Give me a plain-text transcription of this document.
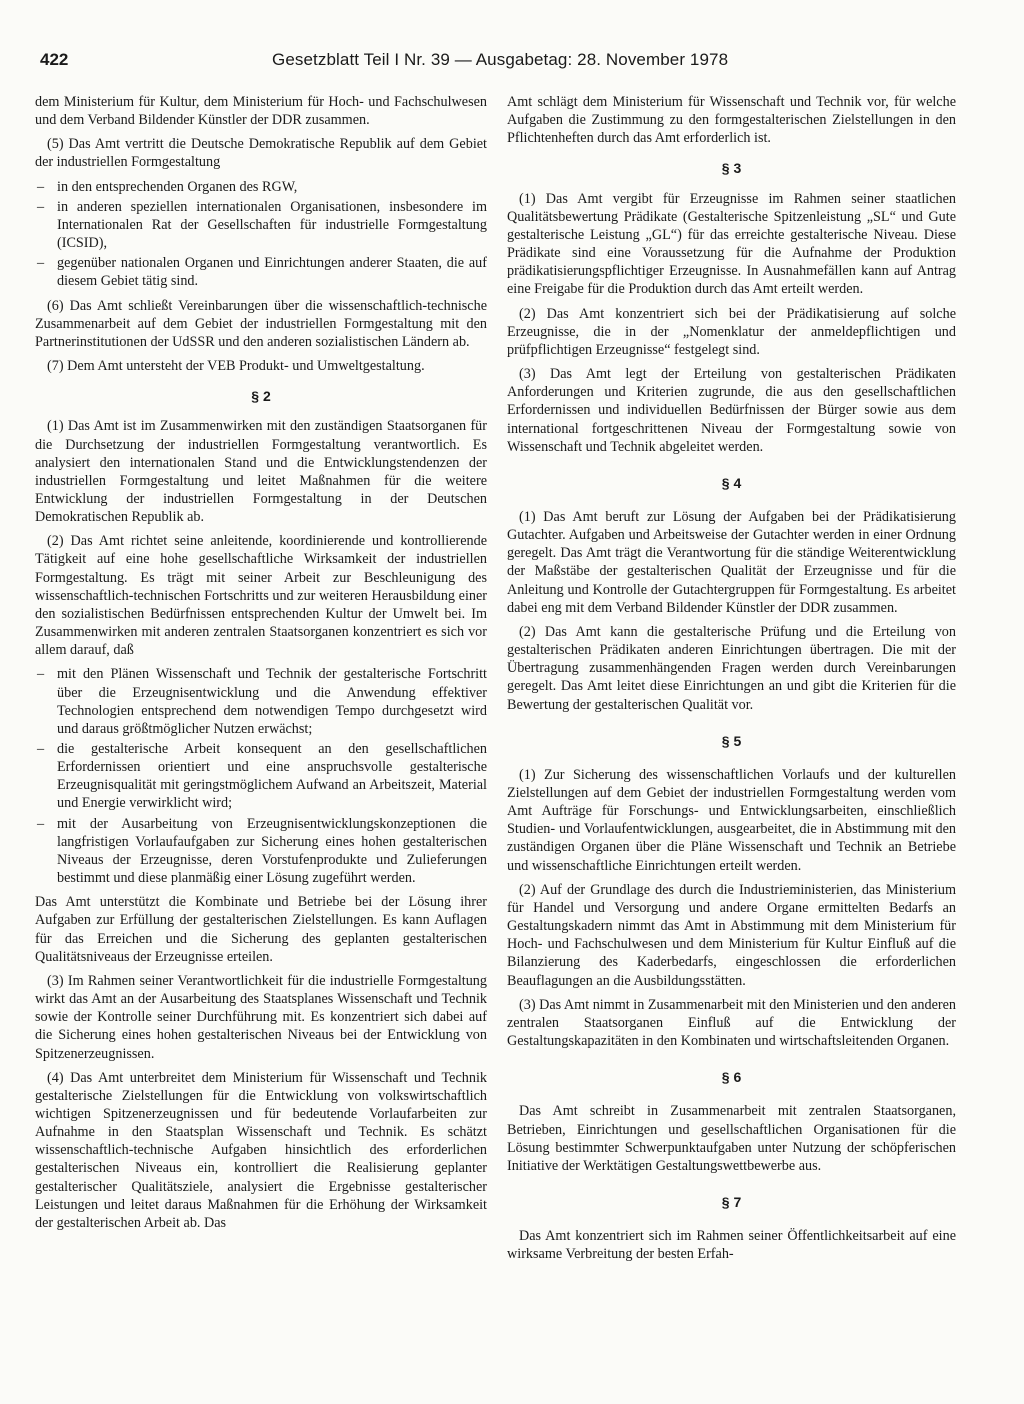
422	Gesetzblatt Teil I Nr. 39 — Ausgabetag: 28. November 1978

dem Ministerium für Kultur, dem Ministerium für Hoch- und Fachschulwesen und dem Verband Bildender Künstler der DDR zusammen.

(5) Das Amt vertritt die Deutsche Demokratische Republik auf dem Gebiet der industriellen Formgestaltung

– in den entsprechenden Organen des RGW,
– in anderen speziellen internationalen Organisationen, insbesondere im Internationalen Rat der Gesellschaften für industrielle Formgestaltung (ICSID),
– gegenüber nationalen Organen und Einrichtungen anderer Staaten, die auf diesem Gebiet tätig sind.

(6) Das Amt schließt Vereinbarungen über die wissenschaftlich-technische Zusammenarbeit auf dem Gebiet der industriellen Formgestaltung mit den Partnerinstitutionen der UdSSR und den anderen sozialistischen Ländern ab.

(7) Dem Amt untersteht der VEB Produkt- und Umweltgestaltung.

§ 2

(1) Das Amt ist im Zusammenwirken mit den zuständigen Staatsorganen für die Durchsetzung der industriellen Formgestaltung verantwortlich. Es analysiert den internationalen Stand und die Entwicklungstendenzen der industriellen Formgestaltung und leitet Maßnahmen für die weitere Entwicklung der industriellen Formgestaltung in der Deutschen Demokratischen Republik ab.

(2) Das Amt richtet seine anleitende, koordinierende und kontrollierende Tätigkeit auf eine hohe gesellschaftliche Wirksamkeit der industriellen Formgestaltung. Es trägt mit seiner Arbeit zur Beschleunigung des wissenschaftlich-technischen Fortschritts und zur weiteren Herausbildung einer den sozialistischen Bedürfnissen entsprechenden Kultur der Umwelt bei. Im Zusammenwirken mit anderen zentralen Staatsorganen konzentriert es sich vor allem darauf, daß

– mit den Plänen Wissenschaft und Technik der gestalterische Fortschritt über die Erzeugnisentwicklung und die Anwendung effektiver Technologien entsprechend dem notwendigen Tempo durchgesetzt wird und daraus größtmöglicher Nutzen erwächst;
– die gestalterische Arbeit konsequent an den gesellschaftlichen Erfordernissen orientiert und eine anspruchsvolle gestalterische Erzeugnisqualität mit geringstmöglichem Aufwand an Arbeitszeit, Material und Energie verwirklicht wird;
– mit der Ausarbeitung von Erzeugnisentwicklungskonzeptionen die langfristigen Vorlaufaufgaben zur Sicherung eines hohen gestalterischen Niveaus der Erzeugnisse, deren Vorstufenprodukte und Zulieferungen bestimmt und diese planmäßig einer Lösung zugeführt werden.

Das Amt unterstützt die Kombinate und Betriebe bei der Lösung ihrer Aufgaben zur Erfüllung der gestalterischen Zielstellungen. Es kann Auflagen für das Erreichen und die Sicherung des geplanten gestalterischen Qualitätsniveaus der Erzeugnisse erteilen.

(3) Im Rahmen seiner Verantwortlichkeit für die industrielle Formgestaltung wirkt das Amt an der Ausarbeitung des Staatsplanes Wissenschaft und Technik sowie der Kontrolle seiner Durchführung mit. Es konzentriert sich dabei auf die Sicherung eines hohen gestalterischen Niveaus bei der Entwicklung von Spitzenerzeugnissen.

(4) Das Amt unterbreitet dem Ministerium für Wissenschaft und Technik gestalterische Zielstellungen für die Entwicklung von volkswirtschaftlich wichtigen Spitzenerzeugnissen und für bedeutende Vorlaufarbeiten zur Aufnahme in den Staatsplan Wissenschaft und Technik. Es schätzt wissenschaftlich-technische Aufgaben hinsichtlich des erforderlichen gestalterischen Niveaus ein, kontrolliert die Realisierung geplanter gestalterischer Qualitätsziele, analysiert die Ergebnisse gestalterischer Leistungen und leitet daraus Maßnahmen für die Erhöhung der Wirksamkeit der gestalterischen Arbeit ab. Das

Amt schlägt dem Ministerium für Wissenschaft und Technik vor, für welche Aufgaben die Zustimmung zu den formgestalterischen Zielstellungen in den Pflichtenheften durch das Amt erforderlich ist.

§ 3

(1) Das Amt vergibt für Erzeugnisse im Rahmen seiner staatlichen Qualitätsbewertung Prädikate (Gestalterische Spitzenleistung „SL“ und Gute gestalterische Leistung „GL“) für das erreichte gestalterische Niveau. Diese Prädikate sind eine Voraussetzung für die Aufnahme der Produktion prädikatisierungspflichtiger Erzeugnisse. In Ausnahmefällen kann auf Antrag eine Freigabe für die Produktion durch das Amt erteilt werden.

(2) Das Amt konzentriert sich bei der Prädikatisierung auf solche Erzeugnisse, die in der „Nomenklatur der anmeldepflichtigen und prüfpflichtigen Erzeugnisse“ festgelegt sind.

(3) Das Amt legt der Erteilung von gestalterischen Prädikaten Anforderungen und Kriterien zugrunde, die aus den gesellschaftlichen Erfordernissen und individuellen Bedürfnissen der Bürger sowie aus dem international fortgeschrittenen Niveau der Formgestaltung sowie von Wissenschaft und Technik abgeleitet werden.

§ 4

(1) Das Amt beruft zur Lösung der Aufgaben bei der Prädikatisierung Gutachter. Aufgaben und Arbeitsweise der Gutachter werden in einer Ordnung geregelt. Das Amt trägt die Verantwortung für die ständige Weiterentwicklung der Maßstäbe der gestalterischen Qualität der Erzeugnisse und für die Anleitung und Kontrolle der Gutachtergruppen für Formgestaltung. Es arbeitet dabei eng mit dem Verband Bildender Künstler der DDR zusammen.

(2) Das Amt kann die gestalterische Prüfung und die Erteilung von gestalterischen Prädikaten anderen Einrichtungen übertragen. Die mit der Übertragung zusammenhängenden Fragen werden durch Vereinbarungen geregelt. Das Amt leitet diese Einrichtungen an und gibt die Kriterien für die Bewertung der gestalterischen Qualität vor.

§ 5

(1) Zur Sicherung des wissenschaftlichen Vorlaufs und der kulturellen Zielstellungen auf dem Gebiet der industriellen Formgestaltung werden vom Amt Aufträge für Forschungs- und Entwicklungsarbeiten, einschließlich Studien- und Vorlaufentwicklungen, ausgearbeitet, die in Abstimmung mit den zuständigen Organen über die Pläne Wissenschaft und Technik an Betriebe und wissenschaftliche Einrichtungen erteilt werden.

(2) Auf der Grundlage des durch die Industrieministerien, das Ministerium für Handel und Versorgung und andere Organe ermittelten Bedarfs an Gestaltungskadern nimmt das Amt in Abstimmung mit dem Ministerium für Hoch- und Fachschulwesen und dem Ministerium für Kultur Einfluß auf die Bilanzierung des Kaderbedarfs, eingeschlossen die erforderlichen Beauflagungen an die Ausbildungsstätten.

(3) Das Amt nimmt in Zusammenarbeit mit den Ministerien und den anderen zentralen Staatsorganen Einfluß auf die Entwicklung der Gestaltungskapazitäten in den Kombinaten und wirtschaftsleitenden Organen.

§ 6

Das Amt schreibt in Zusammenarbeit mit zentralen Staatsorganen, Betrieben, Einrichtungen und gesellschaftlichen Organisationen für die Lösung bestimmter Schwerpunktaufgaben unter Nutzung der schöpferischen Initiative der Werktätigen Gestaltungswettbewerbe aus.

§ 7

Das Amt konzentriert sich im Rahmen seiner Öffentlichkeitsarbeit auf eine wirksame Verbreitung der besten Erfah-
